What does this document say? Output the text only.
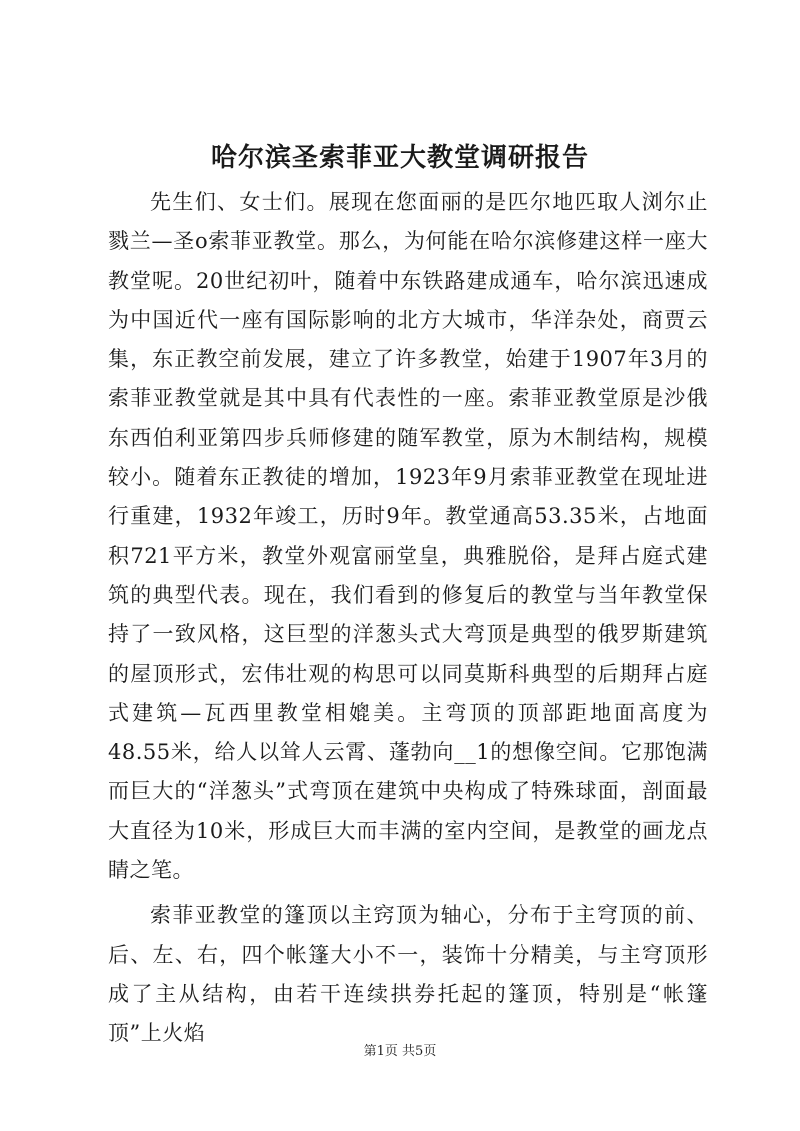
哈尔滨圣索菲亚大教堂调研报告

先生们、女士们。展现在您面丽的是匹尔地匹取人浏尔止戮兰—圣o索菲亚教堂。那么，为何能在哈尔滨修建这样一座大教堂呢。20世纪初叶，随着中东铁路建成通车，哈尔滨迅速成为中国近代一座有国际影响的北方大城市，华洋杂处，商贾云集，东正教空前发展，建立了许多教堂，始建于1907年3月的索菲亚教堂就是其中具有代表性的一座。索菲亚教堂原是沙俄东西伯利亚第四步兵师修建的随军教堂，原为木制结构，规模较小。随着东正教徒的增加，1923年9月索菲亚教堂在现址进行重建，1932年竣工，历时9年。教堂通高53.35米，占地面积721平方米，教堂外观富丽堂皇，典雅脱俗，是拜占庭式建筑的典型代表。现在，我们看到的修复后的教堂与当年教堂保持了一致风格，这巨型的洋葱头式大弯顶是典型的俄罗斯建筑的屋顶形式，宏伟壮观的构思可以同莫斯科典型的后期拜占庭式建筑—瓦西里教堂相媲美。主弯顶的顶部距地面高度为48.55米，给人以耸人云霄、蓬勃向__1的想像空间。它那饱满而巨大的“洋葱头”式弯顶在建筑中央构成了特殊球面，剖面最大直径为10米，形成巨大而丰满的室内空间，是教堂的画龙点睛之笔。

索菲亚教堂的篷顶以主窍顶为轴心，分布于主穹顶的前、后、左、右，四个帐篷大小不一，装饰十分精美，与主穹顶形成了主从结构，由若干连续拱券托起的篷顶，特别是“帐篷顶”上火焰

第1页 共5页
